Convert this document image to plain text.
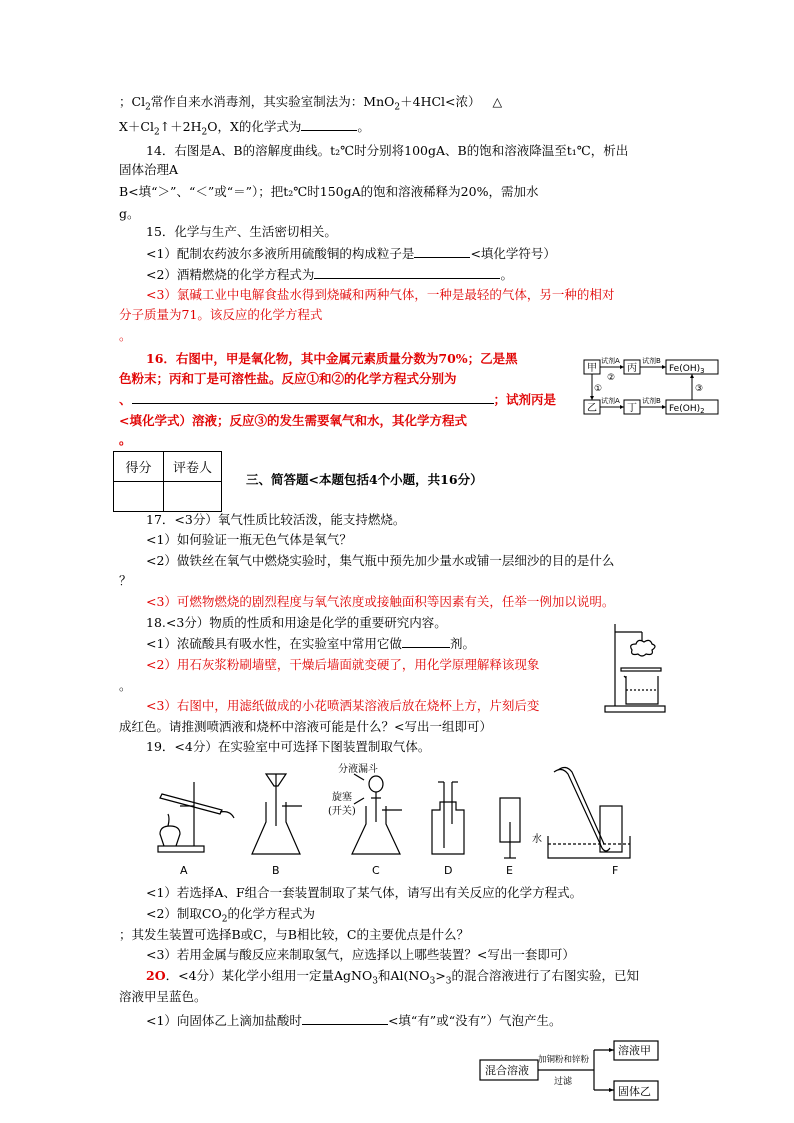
；$Cl_2$常作自来水消毒剂，其实验室制法为：MnO$_2$＋4HCl<浓） △
$X+Cl_2↑+2H_2O$，X的化学式为	。
14．右图是A、B的溶解度曲线。t₂℃时分别将100gA、B的饱和溶液降温至t₁℃，析出
固体治理A
B<填“＞”、“＜”或“＝”）；把t₂℃时150gA的饱和溶液稀释为20%，需加水
g。
15．化学与生产、生活密切相关。
<1）配制农药波尔多液所用硫酸铜的构成粒子是	<填化学符号）
<2）酒精燃烧的化学方程式为	。
<3）氯碱工业中电解食盐水得到烧碱和两种气体，一种是最轻的气体，另一种的相对
分子质量为71。该反应的化学方程式
。
16．右图中，甲是氧化物，其中金属元素质量分数为70%；乙是黑
色粉末；丙和丁是可溶性盐。反应①和②的化学方程式分别为
、	；试剂丙是
<填化学式）溶液；反应③的发生需要氧气和水，其化学方程式
。
甲
乙
丙
丁
$Fe(OH)_3$
$Fe(OH)_2$
试剂A	试剂B
试剂A	试剂B
①
②
③
得分	评卷人

三、简答题<本题包括4个小题，共16分）
17．<3分）氧气性质比较活泼，能支持燃烧。
<1）如何验证一瓶无色气体是氧气？
<2）做铁丝在氧气中燃烧实验时，集气瓶中预先加少量水或铺一层细沙的目的是什么
？
<3）可燃物燃烧的剧烈程度与氧气浓度或接触面积等因素有关，任举一例加以说明。
18.<3分）物质的性质和用途是化学的重要研究内容。
<1）浓硫酸具有吸水性，在实验室中常用它做	剂。
<2）用石灰浆粉刷墙壁，干燥后墙面就变硬了，用化学原理解释该现象
。
<3）右图中，用滤纸做成的小花喷洒某溶液后放在烧杯上方，片刻后变
成红色。请推测喷洒液和烧杯中溶液可能是什么？<写出一组即可）
19．<4分）在实验室中可选择下图装置制取气体。
分液漏斗
旋塞
(开关)
水
A	B	C	D	E	F
<1）若选择A、F组合一套装置制取了某气体，请写出有关反应的化学方程式。
<2）制取$CO_2$的化学方程式为
；其发生装置可选择B或C，与B相比较，C的主要优点是什么？
<3）若用金属与酸反应来制取氢气，应选择以上哪些装置？<写出一套即可）
2O．<4分）某化学小组用一定量AgNO$_3$和$Al(NO_3>_3$的混合溶液进行了右图实验，已知
溶液甲呈蓝色。
<1）向固体乙上滴加盐酸时	<填“有”或“没有”）气泡产生。
混合溶液
加铜粉和锌粉
过滤
溶液甲
固体乙
